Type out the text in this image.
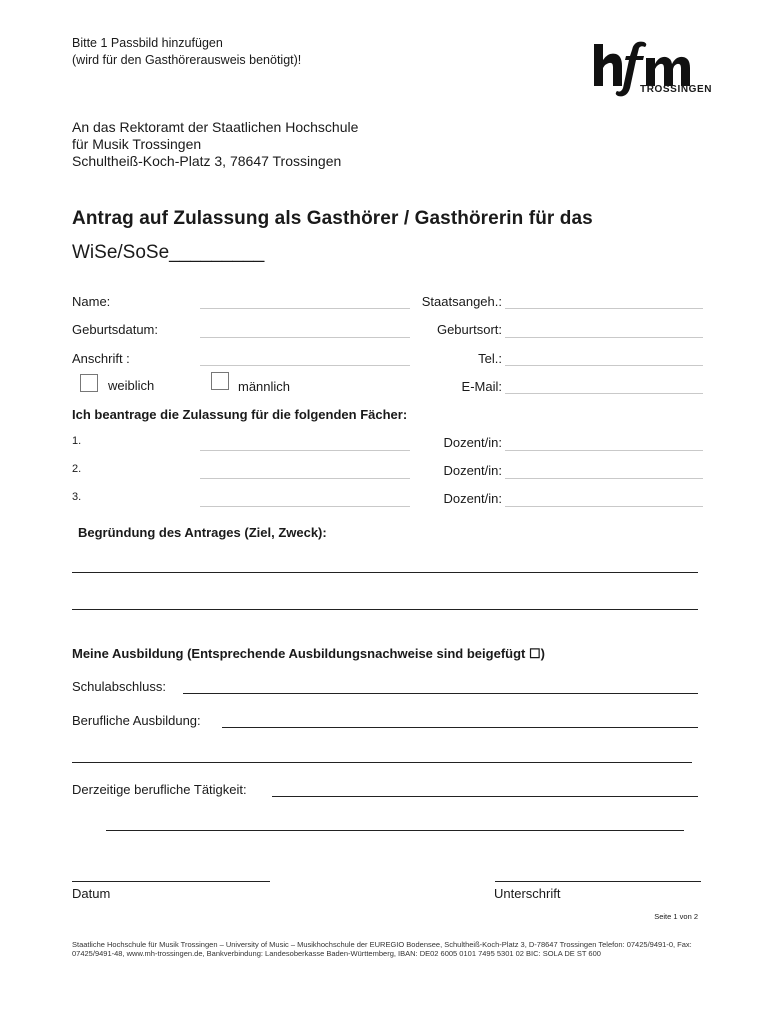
Bitte 1 Passbild hinzufügen
(wird für den Gasthörerausweis benötigt)!
TROSSINGEN
An das Rektoramt der Staatlichen Hochschule
für Musik Trossingen
Schultheiß-Koch-Platz 3, 78647 Trossingen
Antrag auf Zulassung als Gasthörer / Gasthörerin für das
WiSe/SoSe_________
Name:	Staatsangeh.:
Geburtsdatum:	Geburtsort:
Anschrift :	Tel.:
weiblich	männlich	E-Mail:
Ich beantrage die Zulassung für die folgenden Fächer:
1.	Dozent/in:
2.	Dozent/in:
3.	Dozent/in:
Begründung des Antrages (Ziel, Zweck):
Meine Ausbildung (Entsprechende Ausbildungsnachweise sind beigefügt ☐)
Schulabschluss:
Berufliche Ausbildung:
Derzeitige berufliche Tätigkeit:
Datum	Unterschrift
Seite 1 von 2
Staatliche Hochschule für Musik Trossingen – University of Music – Musikhochschule der EUREGIO Bodensee, Schultheiß-Koch-Platz 3, D-78647 Trossingen Telefon: 07425/9491-0, Fax: 07425/9491-48, www.mh-trossingen.de, Bankverbindung: Landesoberkasse Baden-Württemberg, IBAN: DE02 6005 0101 7495 5301 02 BIC: SOLA DE ST 600
